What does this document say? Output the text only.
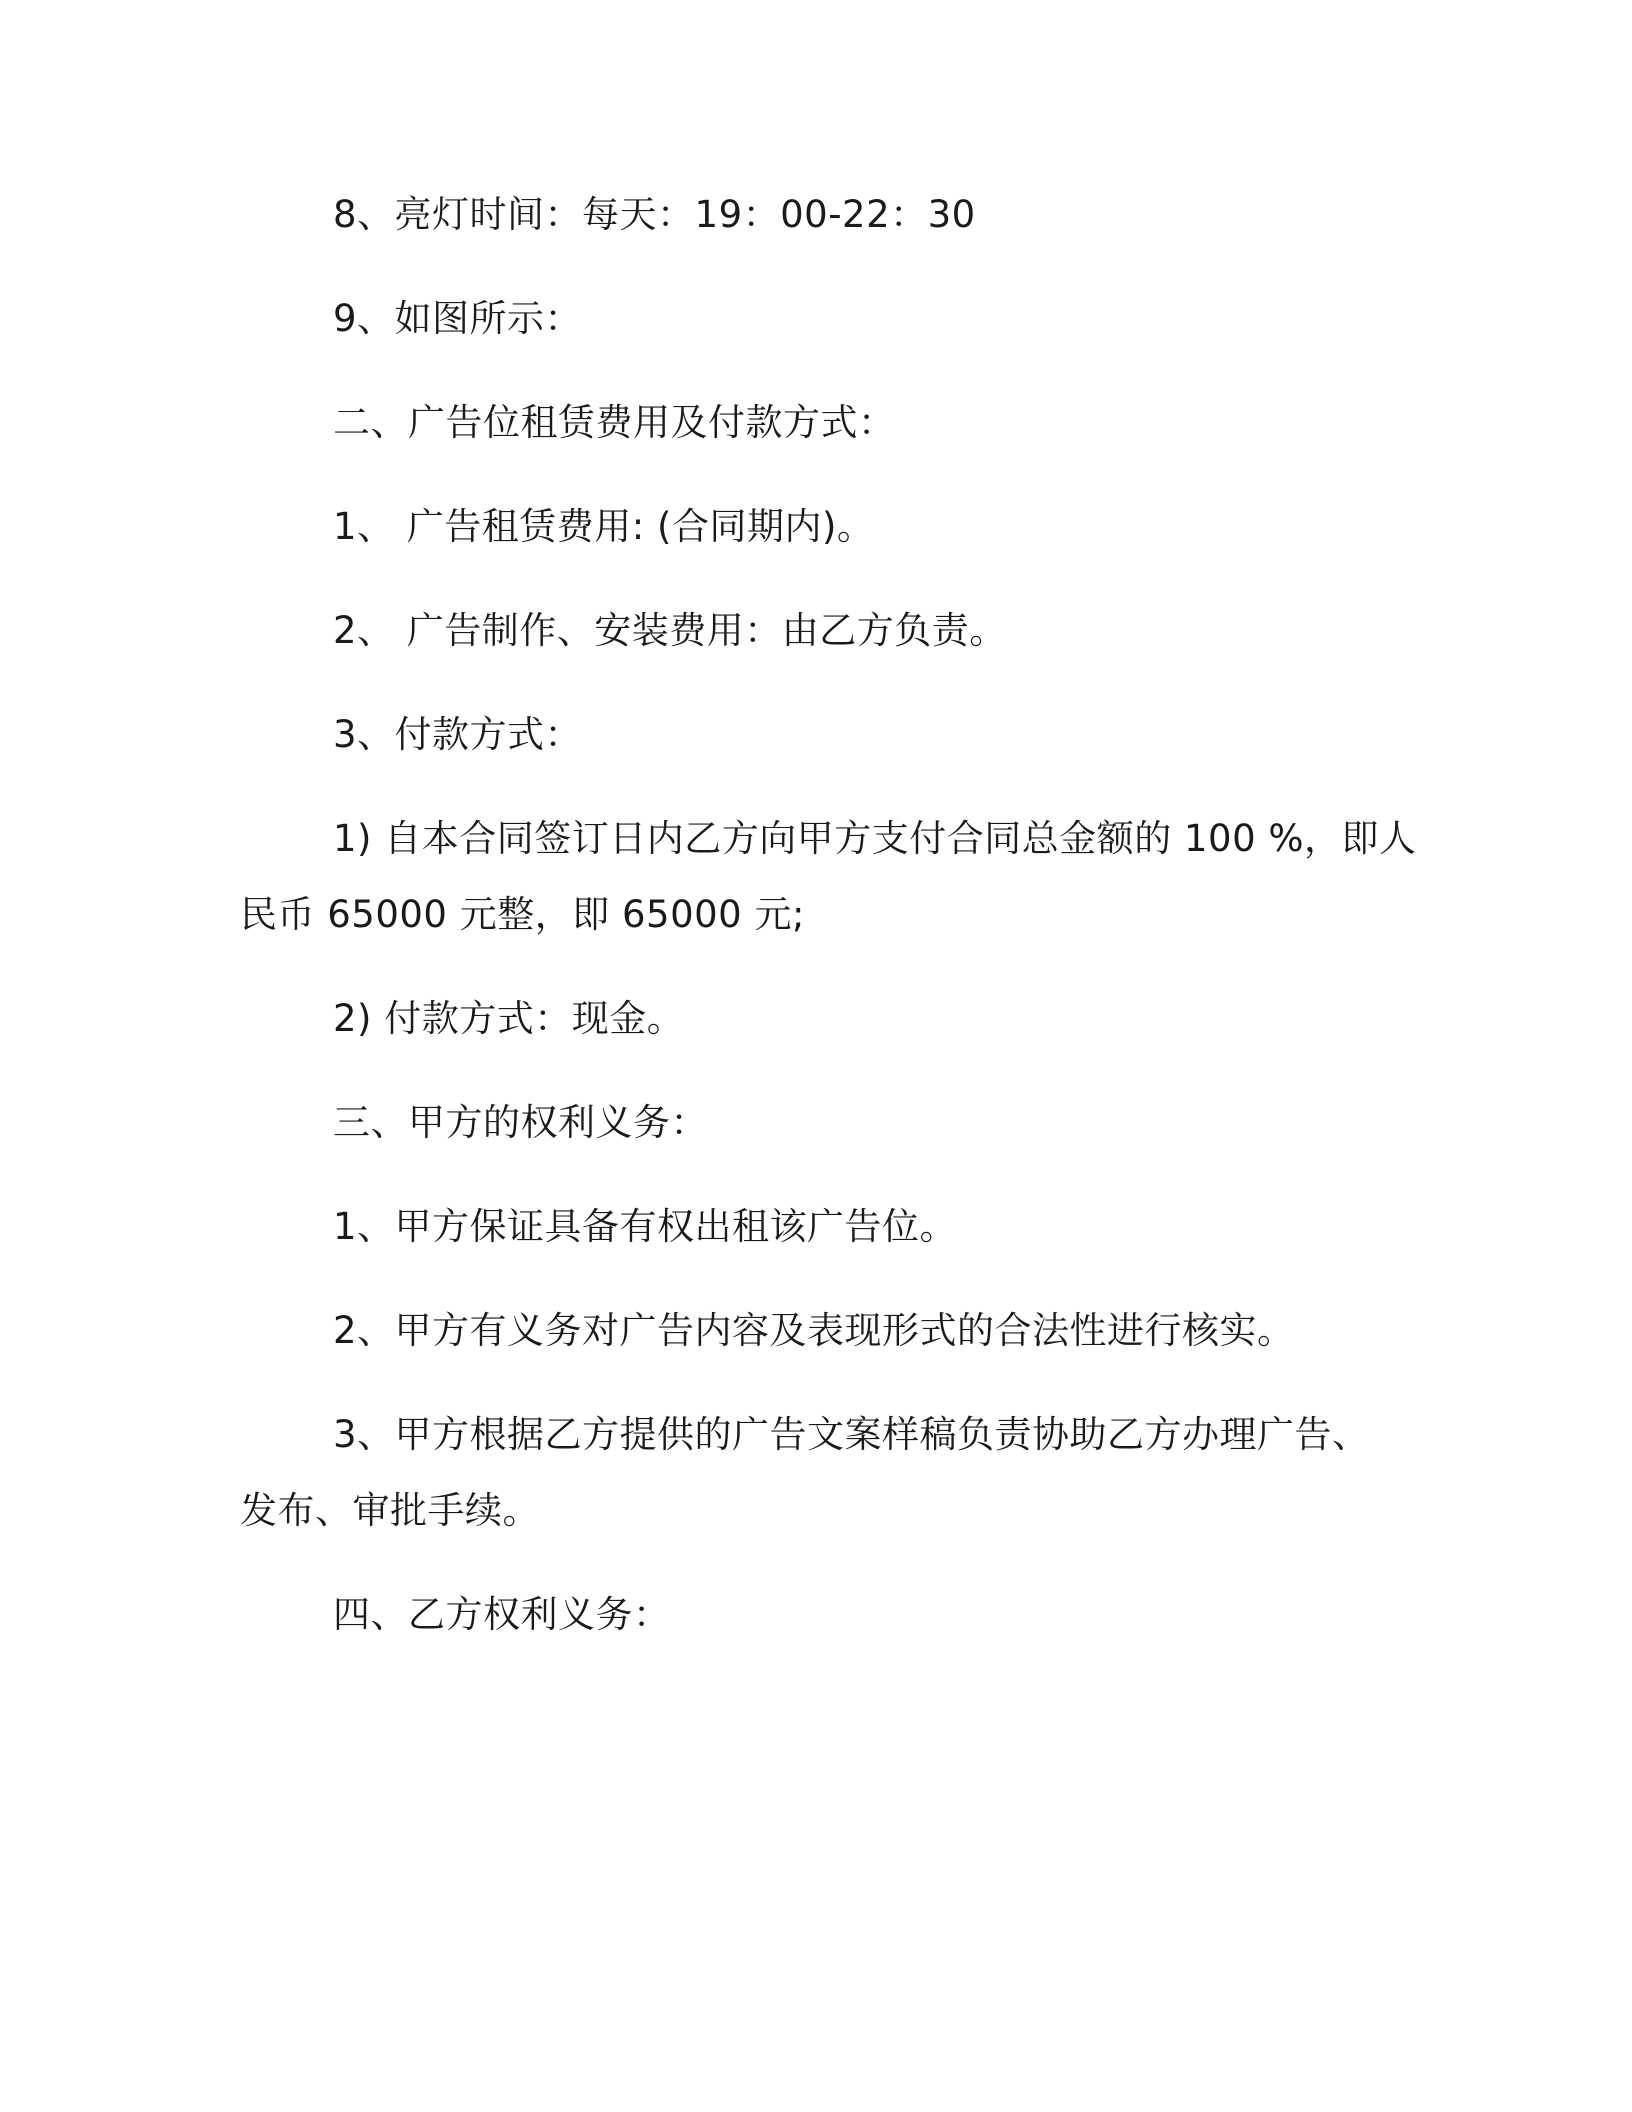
8、亮灯时间：每天：19：00-22：30
9、如图所示：
二、广告位租赁费用及付款方式：
1、 广告租赁费用: (合同期内)。
2、 广告制作、安装费用：由乙方负责。
3、付款方式：
1) 自本合同签订日内乙方向甲方支付合同总金额的 100 %，即人
民币 65000 元整，即 65000 元;
2) 付款方式：现金。
三、甲方的权利义务：
1、甲方保证具备有权出租该广告位。
2、甲方有义务对广告内容及表现形式的合法性进行核实。
3、甲方根据乙方提供的广告文案样稿负责协助乙方办理广告、
发布、审批手续。
四、乙方权利义务：
